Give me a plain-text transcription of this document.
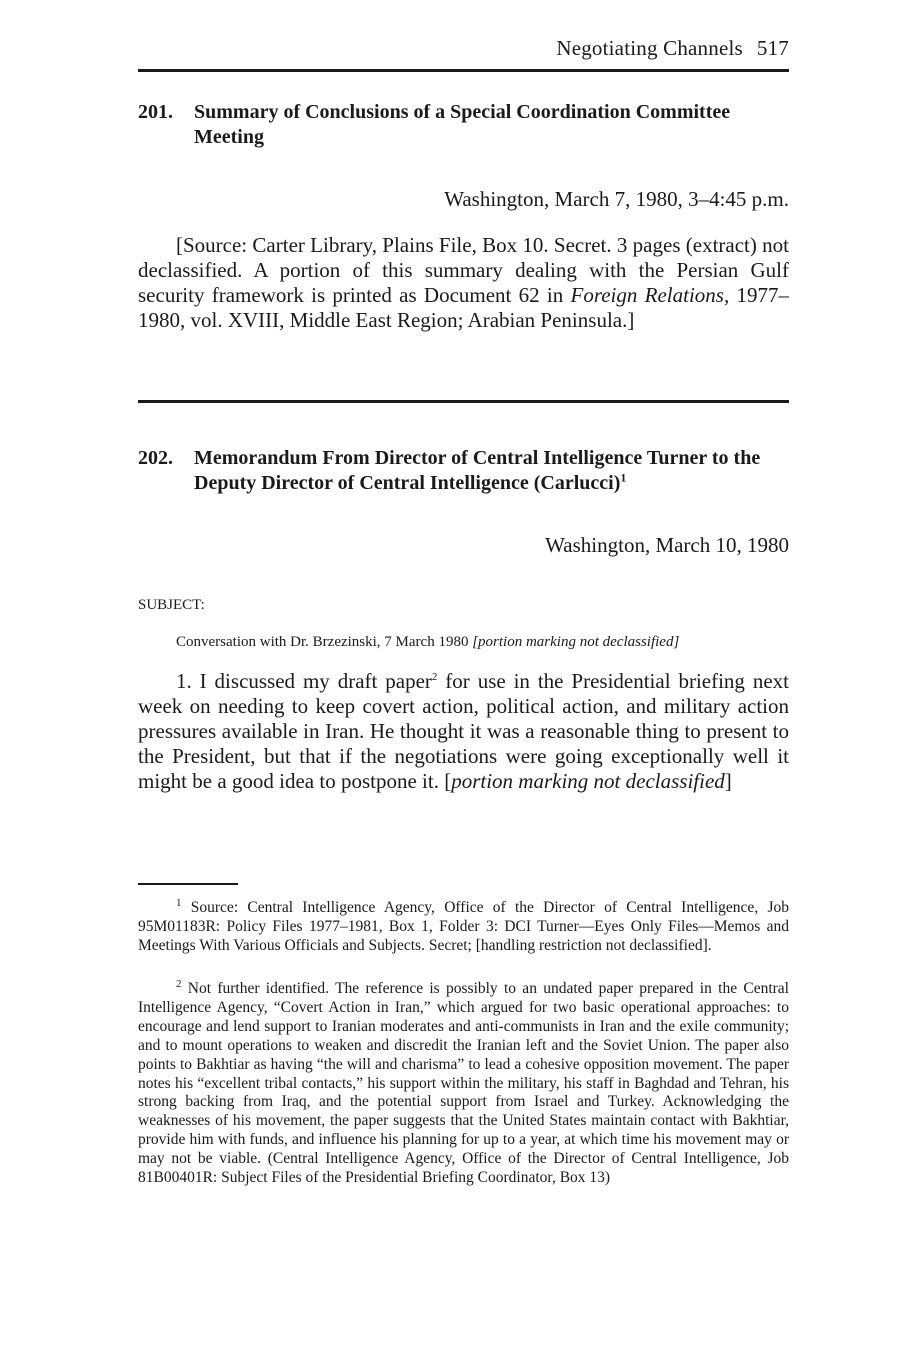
Negotiating Channels 517
201. Summary of Conclusions of a Special Coordination Committee Meeting
Washington, March 7, 1980, 3–4:45 p.m.
[Source: Carter Library, Plains File, Box 10. Secret. 3 pages (extract) not declassified. A portion of this summary dealing with the Persian Gulf security framework is printed as Document 62 in Foreign Relations, 1977–1980, vol. XVIII, Middle East Region; Arabian Peninsula.]
202. Memorandum From Director of Central Intelligence Turner to the Deputy Director of Central Intelligence (Carlucci)$^1$
Washington, March 10, 1980
SUBJECT:
Conversation with Dr. Brzezinski, 7 March 1980 [portion marking not declassified]
1. I discussed my draft paper$^2$ for use in the Presidential briefing next week on needing to keep covert action, political action, and military action pressures available in Iran. He thought it was a reasonable thing to present to the President, but that if the negotiations were going exceptionally well it might be a good idea to postpone it. [portion marking not declassified]
$^1$ Source: Central Intelligence Agency, Office of the Director of Central Intelligence, Job 95M01183R: Policy Files 1977–1981, Box 1, Folder 3: DCI Turner—Eyes Only Files—Memos and Meetings With Various Officials and Subjects. Secret; [handling restriction not declassified].
$^2$ Not further identified. The reference is possibly to an undated paper prepared in the Central Intelligence Agency, “Covert Action in Iran,” which argued for two basic operational approaches: to encourage and lend support to Iranian moderates and anti-communists in Iran and the exile community; and to mount operations to weaken and discredit the Iranian left and the Soviet Union. The paper also points to Bakhtiar as having “the will and charisma” to lead a cohesive opposition movement. The paper notes his “excellent tribal contacts,” his support within the military, his staff in Baghdad and Tehran, his strong backing from Iraq, and the potential support from Israel and Turkey. Acknowledging the weaknesses of his movement, the paper suggests that the United States maintain contact with Bakhtiar, provide him with funds, and influence his planning for up to a year, at which time his movement may or may not be viable. (Central Intelligence Agency, Office of the Director of Central Intelligence, Job 81B00401R: Subject Files of the Presidential Briefing Coordinator, Box 13)
